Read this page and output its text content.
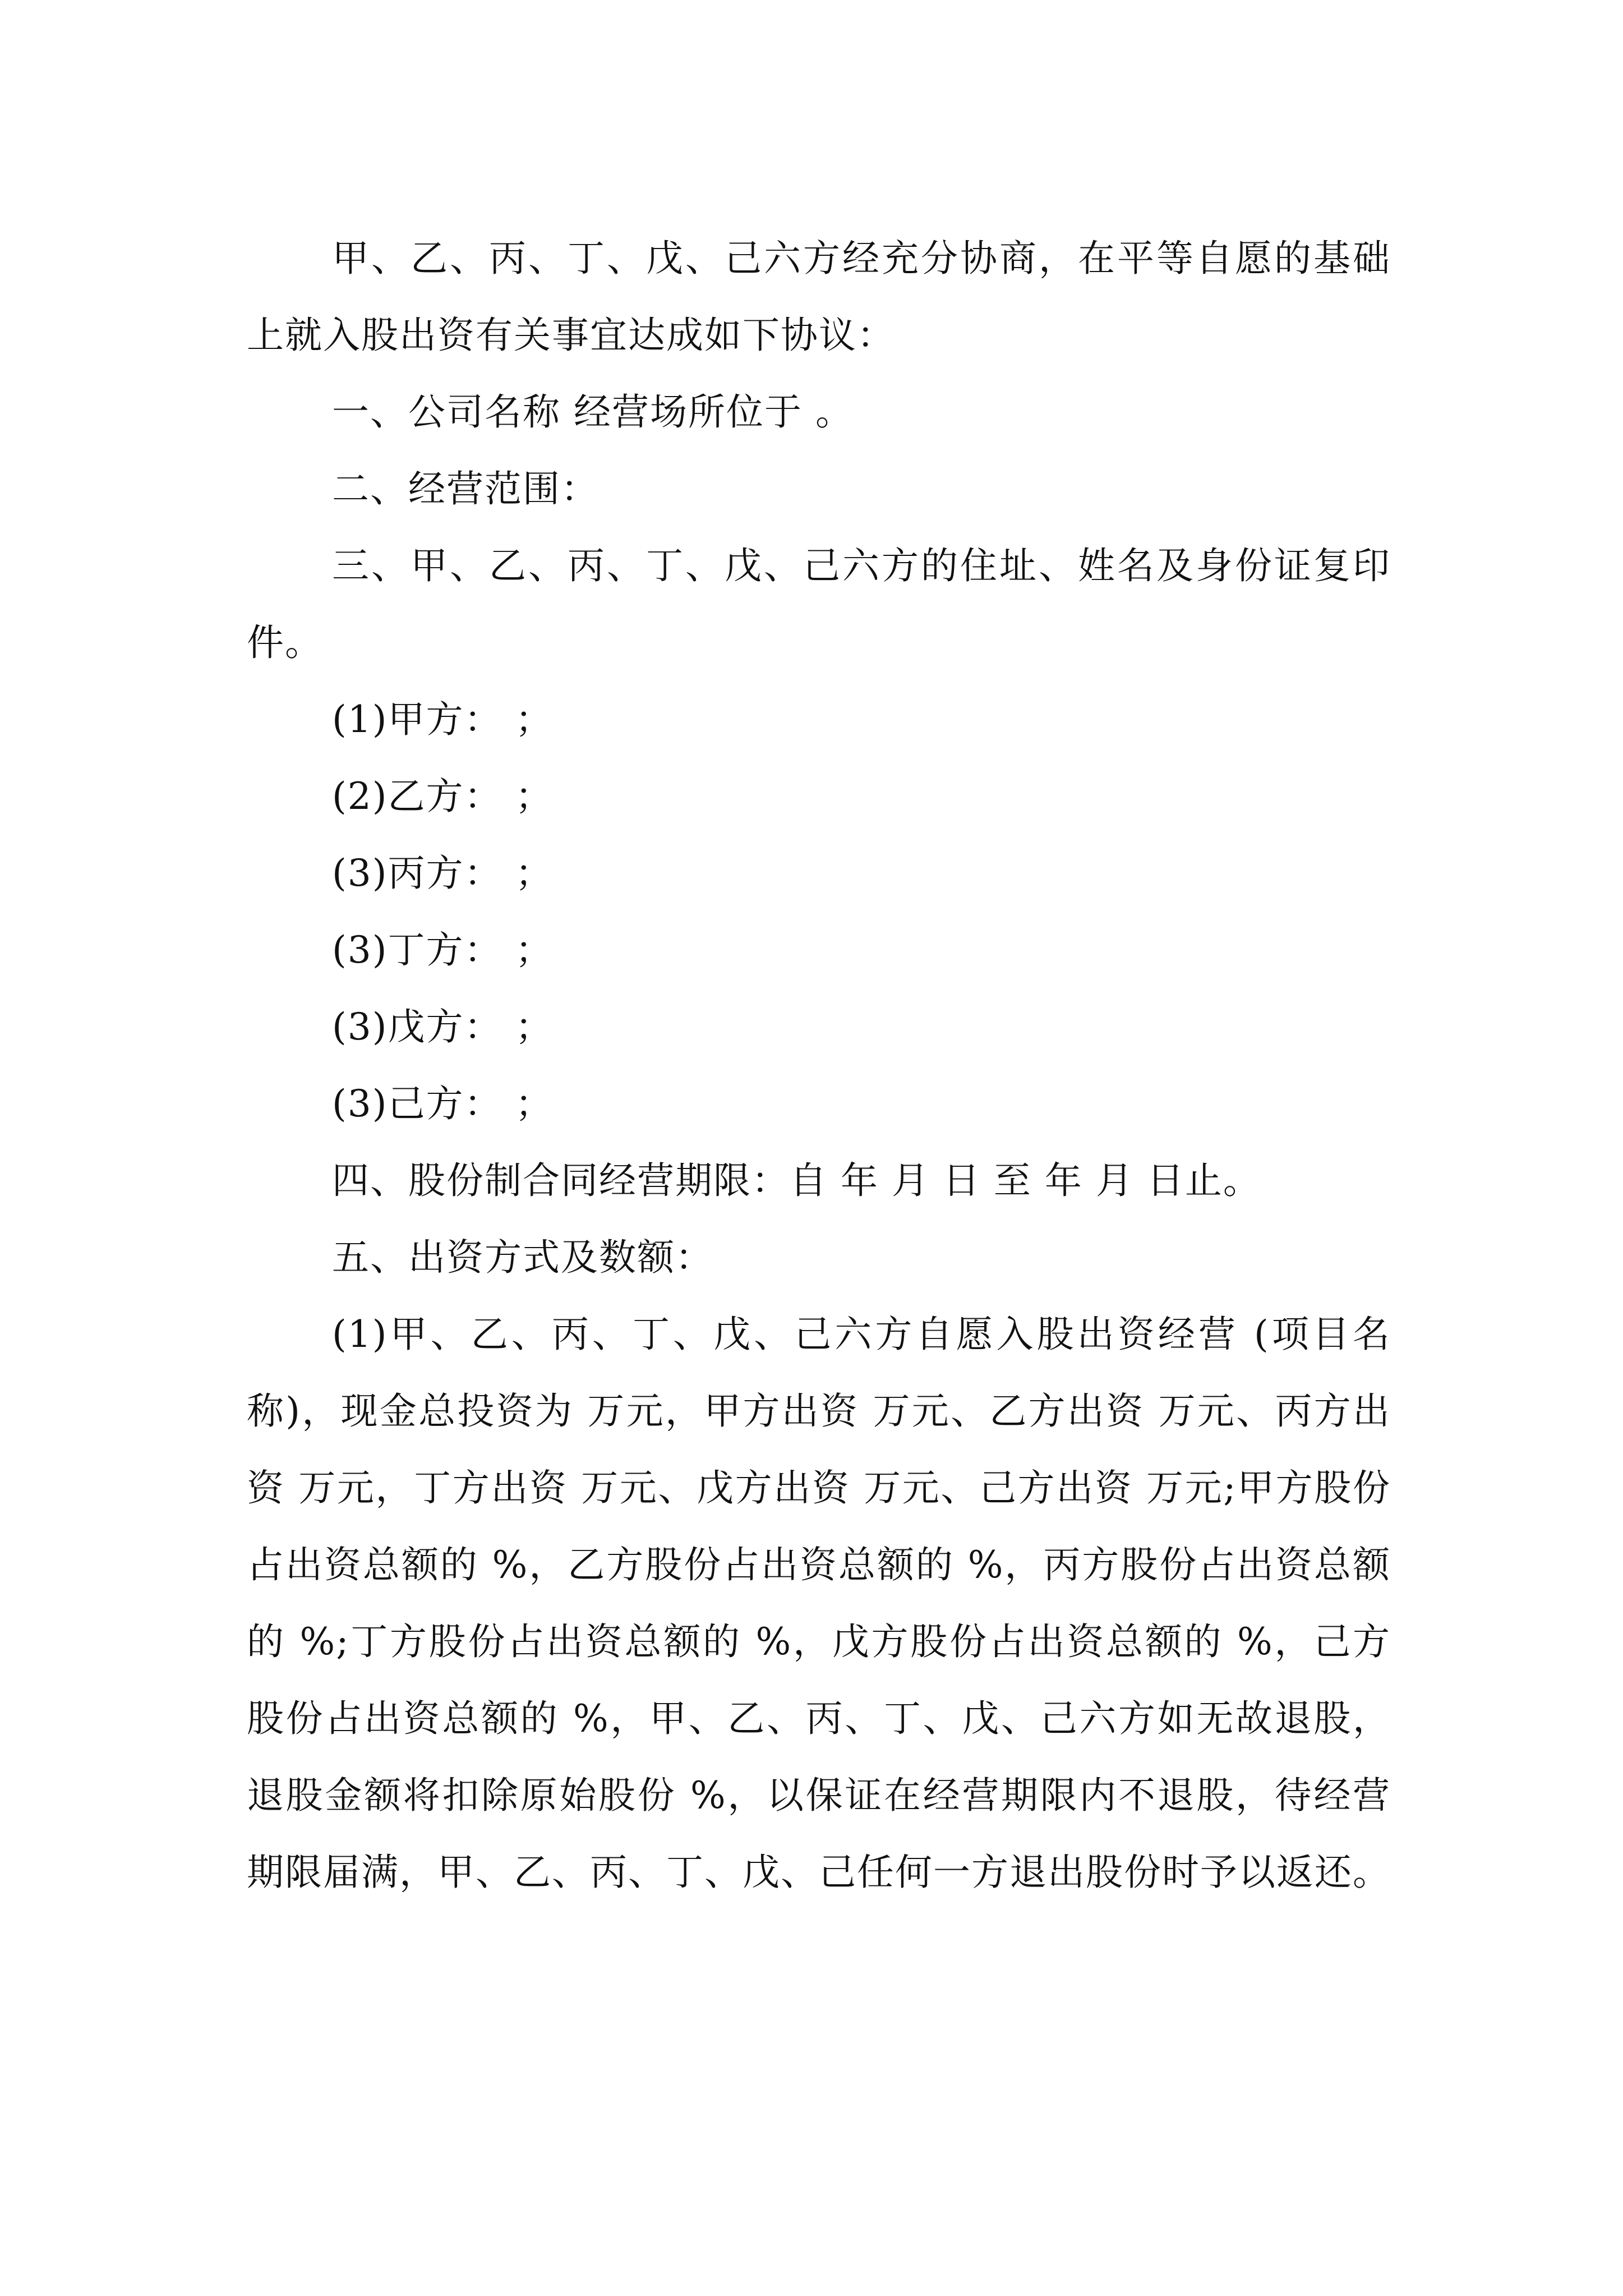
甲、乙、丙、丁、戊、己六方经充分协商，在平等自愿的基础上就入股出资有关事宜达成如下协议：

一、公司名称 经营场所位于 。

二、经营范围：

三、甲、乙、丙、丁、戊、己六方的住址、姓名及身份证复印件。

(1)甲方： ；

(2)乙方： ；

(3)丙方： ；

(3)丁方： ；

(3)戊方： ；

(3)己方： ；

四、股份制合同经营期限：自 年 月 日 至 年 月 日止。

五、出资方式及数额：

(1)甲、乙、丙、丁、戊、己六方自愿入股出资经营 (项目名称)，现金总投资为 万元，甲方出资 万元、乙方出资 万元、丙方出资 万元，丁方出资 万元、戊方出资 万元、己方出资 万元;甲方股份占出资总额的 %，乙方股份占出资总额的 %，丙方股份占出资总额的 %;丁方股份占出资总额的 %，戊方股份占出资总额的 %，己方股份占出资总额的 %，甲、乙、丙、丁、戊、己六方如无故退股，退股金额将扣除原始股份 %，以保证在经营期限内不退股，待经营期限届满，甲、乙、丙、丁、戊、己任何一方退出股份时予以返还。
